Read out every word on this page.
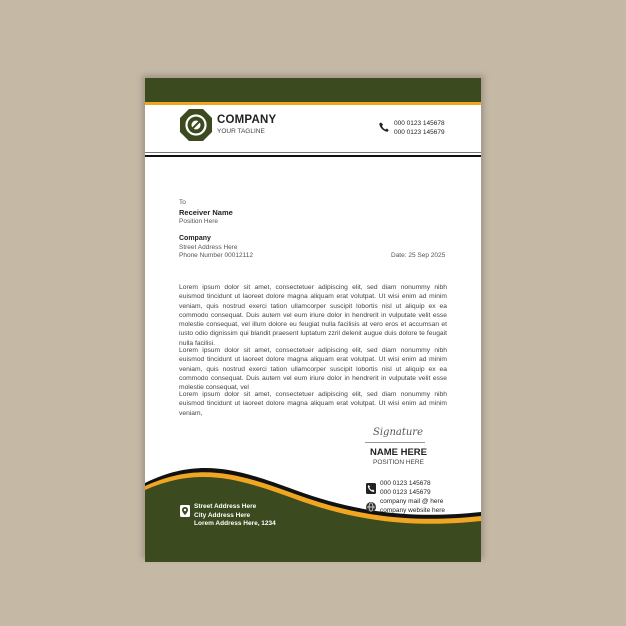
COMPANY
YOUR TAGLINE
000 0123 145678
000 0123 145679
To
Receiver Name
Position Here
Company
Street Address Here
Phone Number 00012112	Date: 25 Sep 2025
Lorem ipsum dolor sit amet, consectetuer adipiscing elit, sed diam nonummy nibh euismod tincidunt ut laoreet dolore magna aliquam erat volutpat. Ut wisi enim ad minim veniam, quis nostrud exerci tation ullamcorper suscipit lobortis nisl ut aliquip ex ea commodo consequat. Duis autem vel eum iriure dolor in hendrerit in vulputate velit esse molestie consequat, vel illum dolore eu feugiat nulla facilisis at vero eros et accumsan et iusto odio dignissim qui blandit praesent luptatum zzril delenit augue duis dolore te feugait nulla facilisi.
Lorem ipsum dolor sit amet, consectetuer adipiscing elit, sed diam nonummy nibh euismod tincidunt ut laoreet dolore magna aliquam erat volutpat. Ut wisi enim ad minim veniam, quis nostrud exerci tation ullamcorper suscipit lobortis nisl ut aliquip ex ea commodo consequat. Duis autem vel eum iriure dolor in hendrerit in vulputate velit esse molestie consequat, vel
Lorem ipsum dolor sit amet, consectetuer adipiscing elit, sed diam nonummy nibh euismod tincidunt ut laoreet dolore magna aliquam erat volutpat. Ut wisi enim ad minim veniam,
Signature
NAME HERE
POSITION HERE
Street Address Here
City Address Here
Lorem Address Here, 1234
000 0123 145678
000 0123 145679
company mail @ here
company website here
